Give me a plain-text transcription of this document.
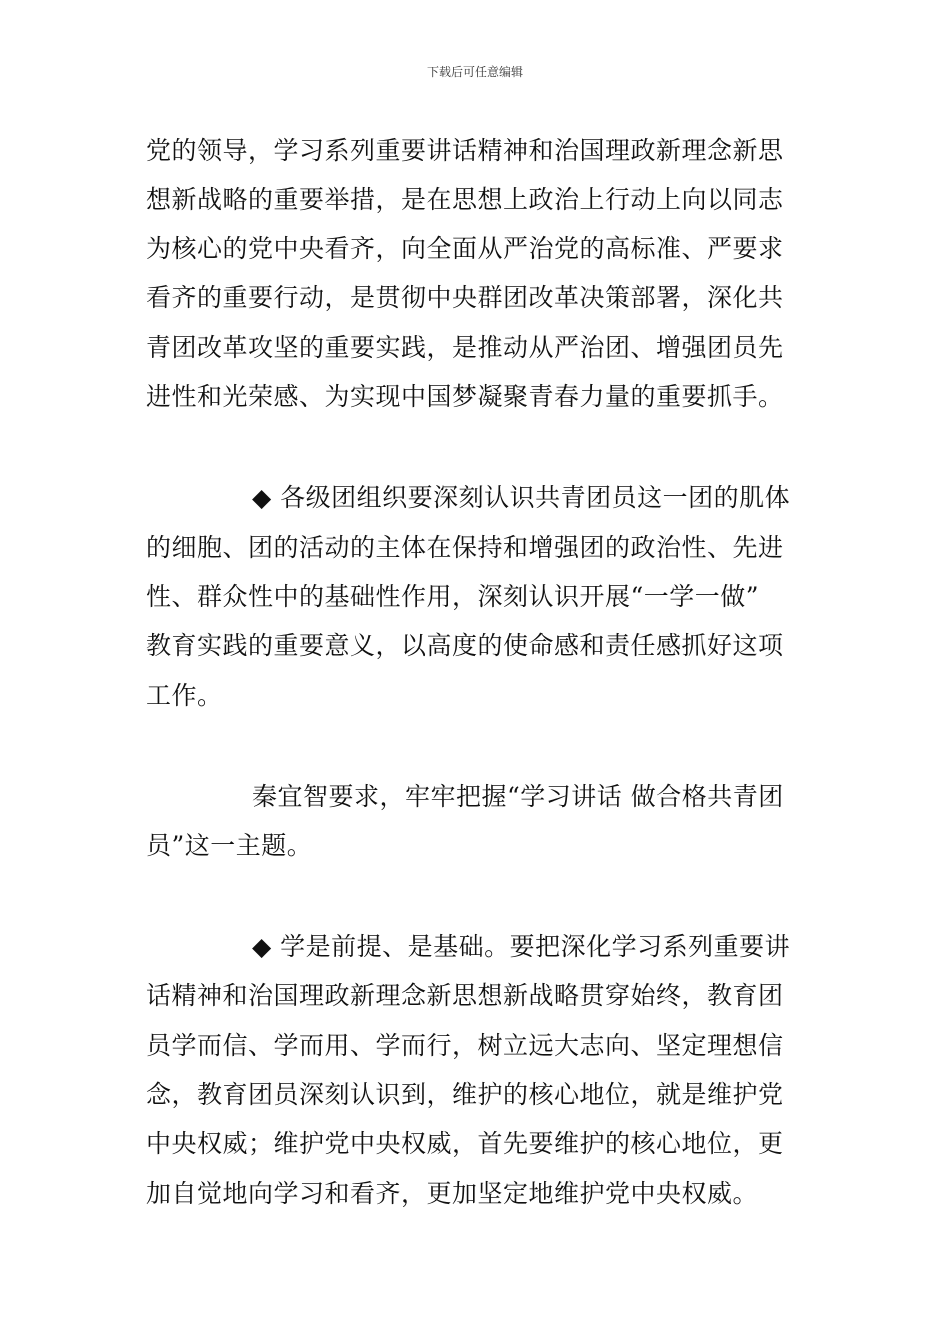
下载后可任意编辑
党的领导，学习系列重要讲话精神和治国理政新理念新思
想新战略的重要举措，是在思想上政治上行动上向以同志
为核心的党中央看齐，向全面从严治党的高标准、严要求
看齐的重要行动，是贯彻中央群团改革决策部署，深化共
青团改革攻坚的重要实践，是推动从严治团、增强团员先
进性和光荣感、为实现中国梦凝聚青春力量的重要抓手。
◆ 各级团组织要深刻认识共青团员这一团的肌体
的细胞、团的活动的主体在保持和增强团的政治性、先进
性、群众性中的基础性作用，深刻认识开展“一学一做”
教育实践的重要意义，以高度的使命感和责任感抓好这项
工作。
秦宜智要求，牢牢把握“学习讲话 做合格共青团
员”这一主题。
◆ 学是前提、是基础。要把深化学习系列重要讲
话精神和治国理政新理念新思想新战略贯穿始终，教育团
员学而信、学而用、学而行，树立远大志向、坚定理想信
念，教育团员深刻认识到，维护的核心地位，就是维护党
中央权威；维护党中央权威，首先要维护的核心地位，更
加自觉地向学习和看齐，更加坚定地维护党中央权威。
